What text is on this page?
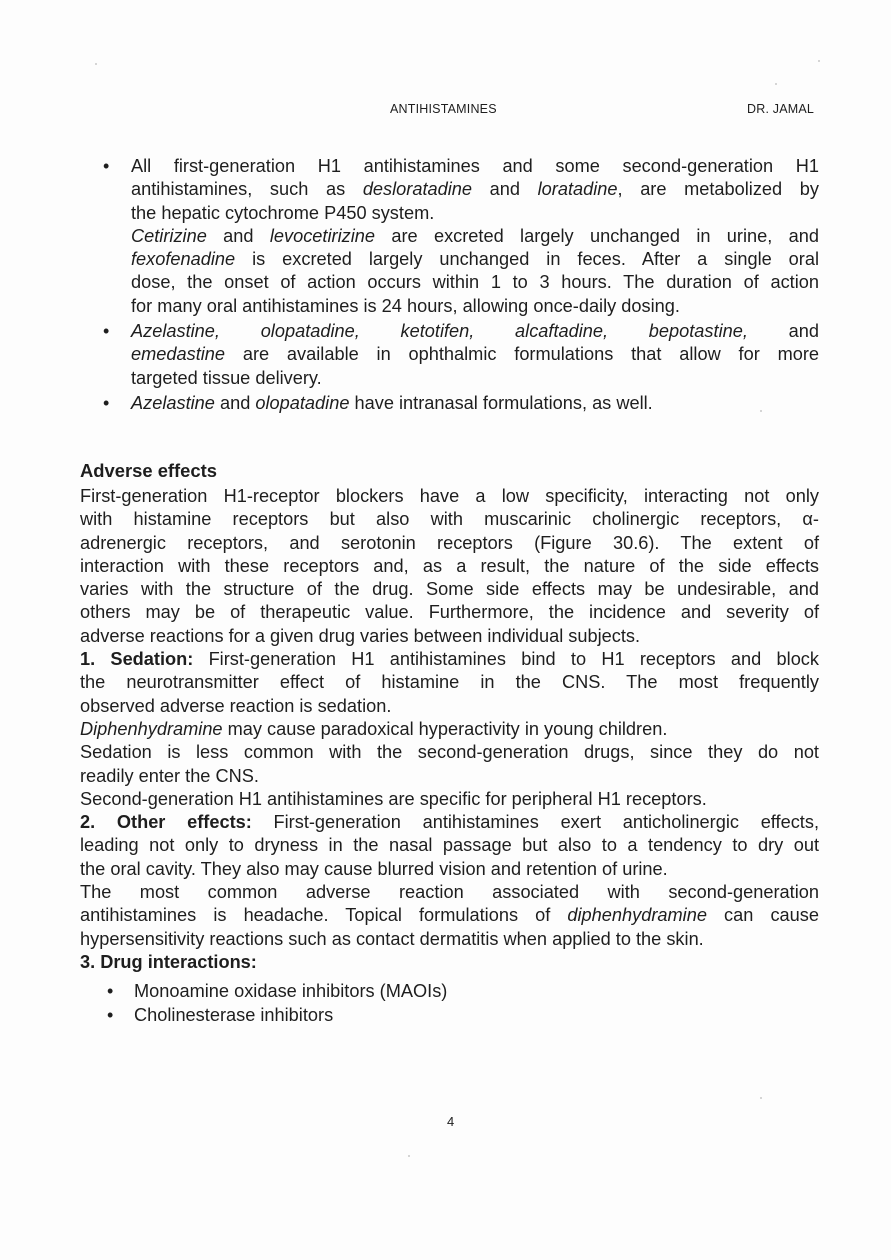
ANTIHISTAMINES	DR. JAMAL
• All first-generation H1 antihistamines and some second-generation H1
antihistamines, such as desloratadine and loratadine, are metabolized by
the hepatic cytochrome P450 system.
Cetirizine and levocetirizine are excreted largely unchanged in urine, and
fexofenadine is excreted largely unchanged in feces. After a single oral
dose, the onset of action occurs within 1 to 3 hours. The duration of action
for many oral antihistamines is 24 hours, allowing once-daily dosing.
• Azelastine, olopatadine, ketotifen, alcaftadine, bepotastine, and
emedastine are available in ophthalmic formulations that allow for more
targeted tissue delivery.
• Azelastine and olopatadine have intranasal formulations, as well.
Adverse effects
First-generation H1-receptor blockers have a low specificity, interacting not only
with histamine receptors but also with muscarinic cholinergic receptors, α-
adrenergic receptors, and serotonin receptors (Figure 30.6). The extent of
interaction with these receptors and, as a result, the nature of the side effects
varies with the structure of the drug. Some side effects may be undesirable, and
others may be of therapeutic value. Furthermore, the incidence and severity of
adverse reactions for a given drug varies between individual subjects.
1. Sedation: First-generation H1 antihistamines bind to H1 receptors and block
the neurotransmitter effect of histamine in the CNS. The most frequently
observed adverse reaction is sedation.
Diphenhydramine may cause paradoxical hyperactivity in young children.
Sedation is less common with the second-generation drugs, since they do not
readily enter the CNS.
Second-generation H1 antihistamines are specific for peripheral H1 receptors.
2. Other effects: First-generation antihistamines exert anticholinergic effects,
leading not only to dryness in the nasal passage but also to a tendency to dry out
the oral cavity. They also may cause blurred vision and retention of urine.
The most common adverse reaction associated with second-generation
antihistamines is headache. Topical formulations of diphenhydramine can cause
hypersensitivity reactions such as contact dermatitis when applied to the skin.
3. Drug interactions:
• Monoamine oxidase inhibitors (MAOIs)
• Cholinesterase inhibitors
4
